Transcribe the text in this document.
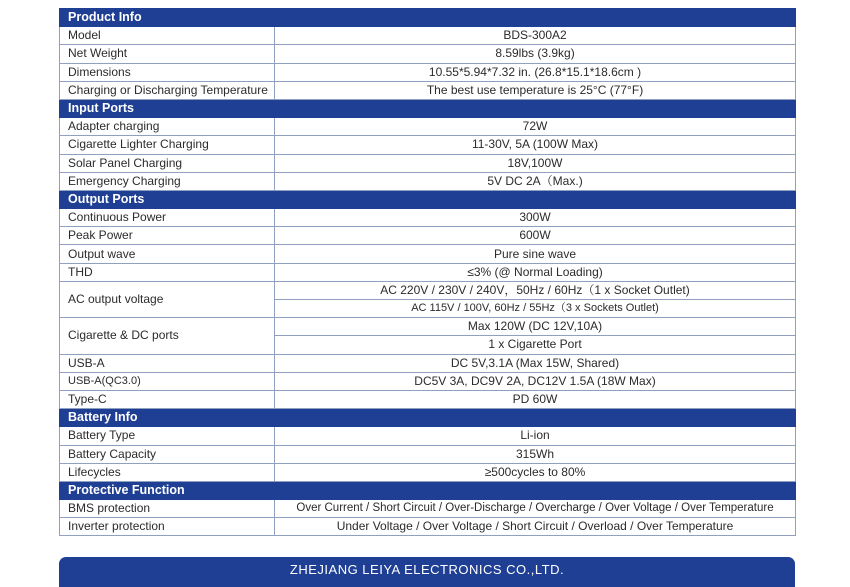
Product Info	
Model	BDS-300A2
Net Weight	8.59lbs (3.9kg)
Dimensions	10.55*5.94*7.32 in. (26.8*15.1*18.6cm )
Charging or Discharging Temperature	The best use temperature is 25°C (77°F)
Input Ports	
Adapter charging	72W
Cigarette Lighter Charging	11-30V, 5A (100W Max)
Solar Panel Charging	18V,100W
Emergency Charging	5V DC 2A（Max.)
Output Ports	
Continuous Power	300W
Peak Power	600W
Output wave	Pure sine wave
THD	≤3% (@ Normal Loading)
AC output voltage	AC 220V / 230V / 240V，50Hz / 60Hz（1 x Socket Outlet)
	AC 115V / 100V, 60Hz / 55Hz（3 x Sockets Outlet)
Cigarette & DC ports	Max 120W (DC 12V,10A)
	1 x Cigarette Port
USB-A	DC 5V,3.1A (Max 15W, Shared)
USB-A(QC3.0)	DC5V 3A, DC9V 2A, DC12V 1.5A (18W Max)
Type-C	PD 60W
Battery Info	
Battery Type	Li-ion
Battery Capacity	315Wh
Lifecycles	≥500cycles to 80%
Protective Function	
BMS protection	Over Current / Short Circuit / Over-Discharge / Overcharge / Over Voltage / Over Temperature
Inverter protection	Under Voltage / Over Voltage / Short Circuit / Overload / Over Temperature
ZHEJIANG LEIYA ELECTRONICS CO.,LTD.
